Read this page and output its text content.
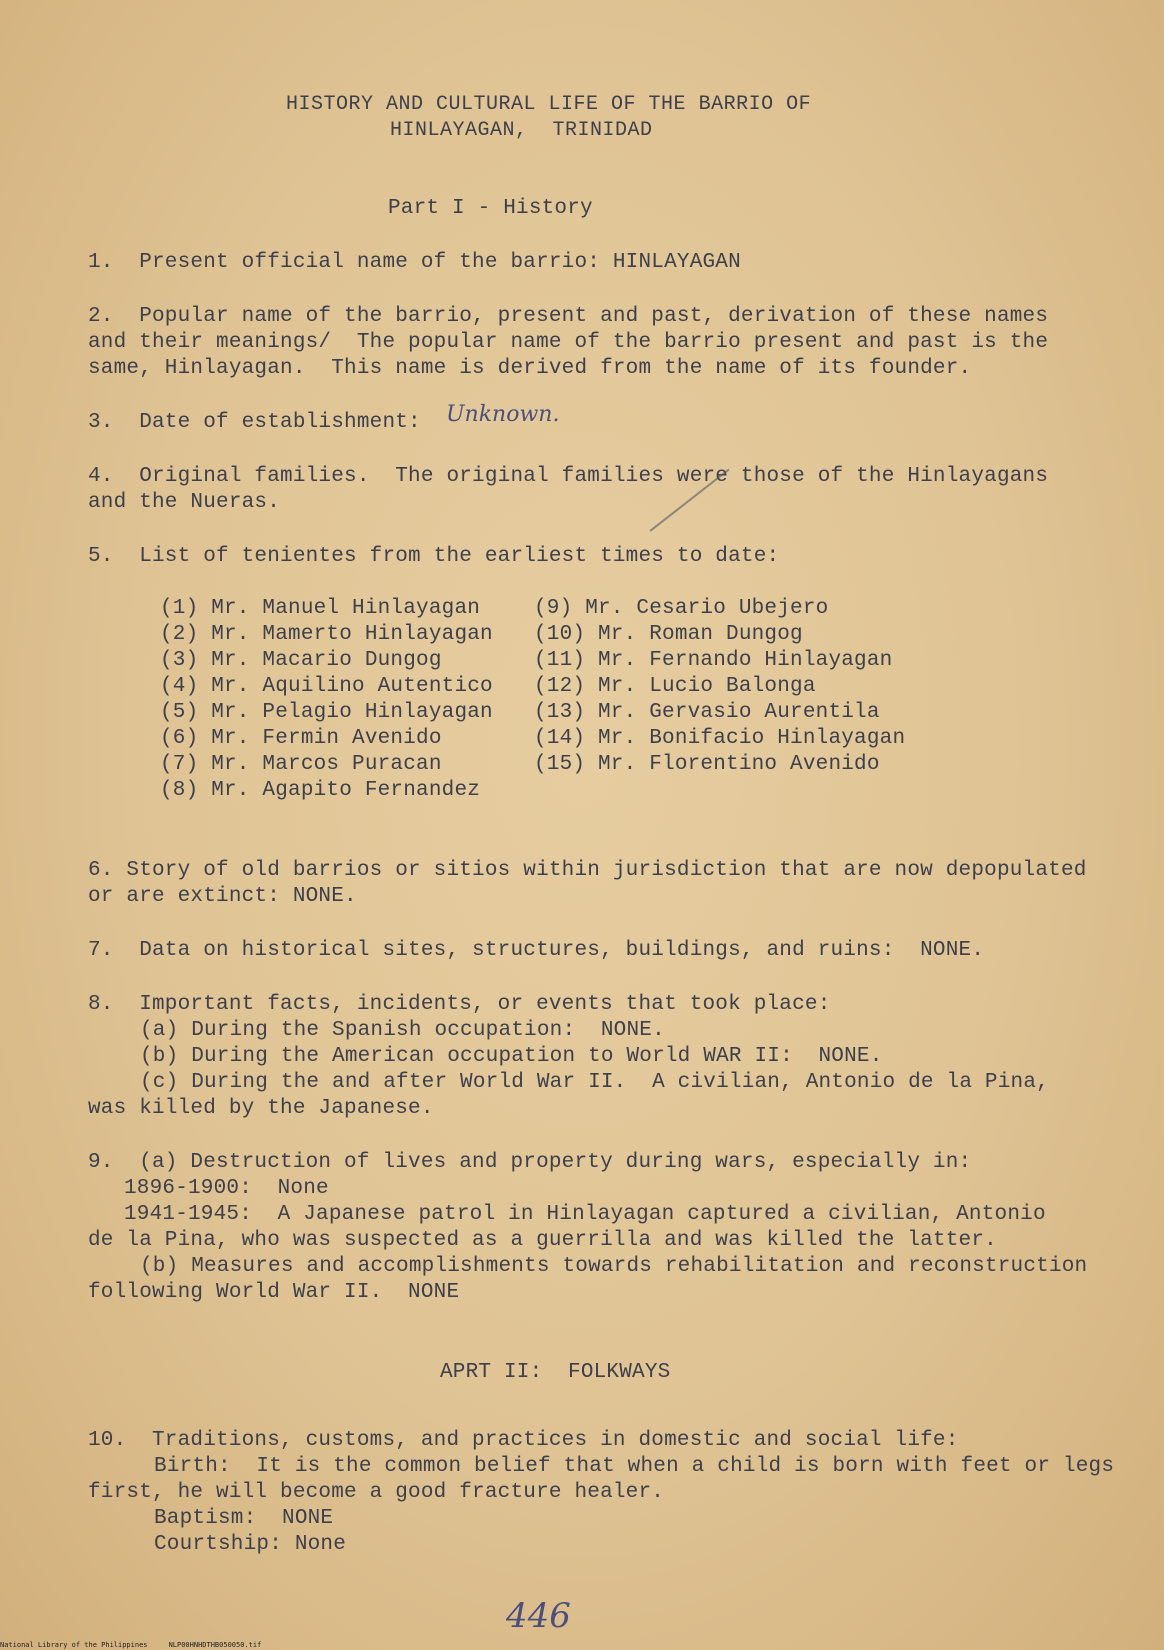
HISTORY AND CULTURAL LIFE OF THE BARRIO OF
HINLAYAGAN,  TRINIDAD
Part I - History
1.  Present official name of the barrio: HINLAYAGAN
2.  Popular name of the barrio, present and past, derivation of these names
and their meanings/  The popular name of the barrio present and past is the
same, Hinlayagan.  This name is derived from the name of its founder.
3.  Date of establishment: Unknown.
4.  Original families.  The original families were those of the Hinlayagans
and the Nueras.
5.  List of tenientes from the earliest times to date:
(1) Mr. Manuel Hinlayagan
(2) Mr. Mamerto Hinlayagan
(3) Mr. Macario Dungog
(4) Mr. Aquilino Autentico
(5) Mr. Pelagio Hinlayagan
(6) Mr. Fermin Avenido
(7) Mr. Marcos Puracan
(8) Mr. Agapito Fernandez
(9) Mr. Cesario Ubejero
(10) Mr. Roman Dungog
(11) Mr. Fernando Hinlayagan
(12) Mr. Lucio Balonga
(13) Mr. Gervasio Aurentila
(14) Mr. Bonifacio Hinlayagan
(15) Mr. Florentino Avenido
6. Story of old barrios or sitios within jurisdiction that are now depopulated
or are extinct: NONE.
7.  Data on historical sites, structures, buildings, and ruins:  NONE.
8.  Important facts, incidents, or events that took place:
(a) During the Spanish occupation:  NONE.
(b) During the American occupation to World WAR II:  NONE.
(c) During the and after World War II.  A civilian, Antonio de la Pina,
was killed by the Japanese.
9.  (a) Destruction of lives and property during wars, especially in:
1896-1900:  None
1941-1945:  A Japanese patrol in Hinlayagan captured a civilian, Antonio
de la Pina, who was suspected as a guerrilla and was killed the latter.
(b) Measures and accomplishments towards rehabilitation and reconstruction
following World War II.  NONE
APRT II:  FOLKWAYS
10.  Traditions, customs, and practices in domestic and social life:
Birth:  It is the common belief that when a child is born with feet or legs
first, he will become a good fracture healer.
Baptism:  NONE
Courtship: None
446
National Library of the Philippines     NLP00HNHDTHB050050.tif
